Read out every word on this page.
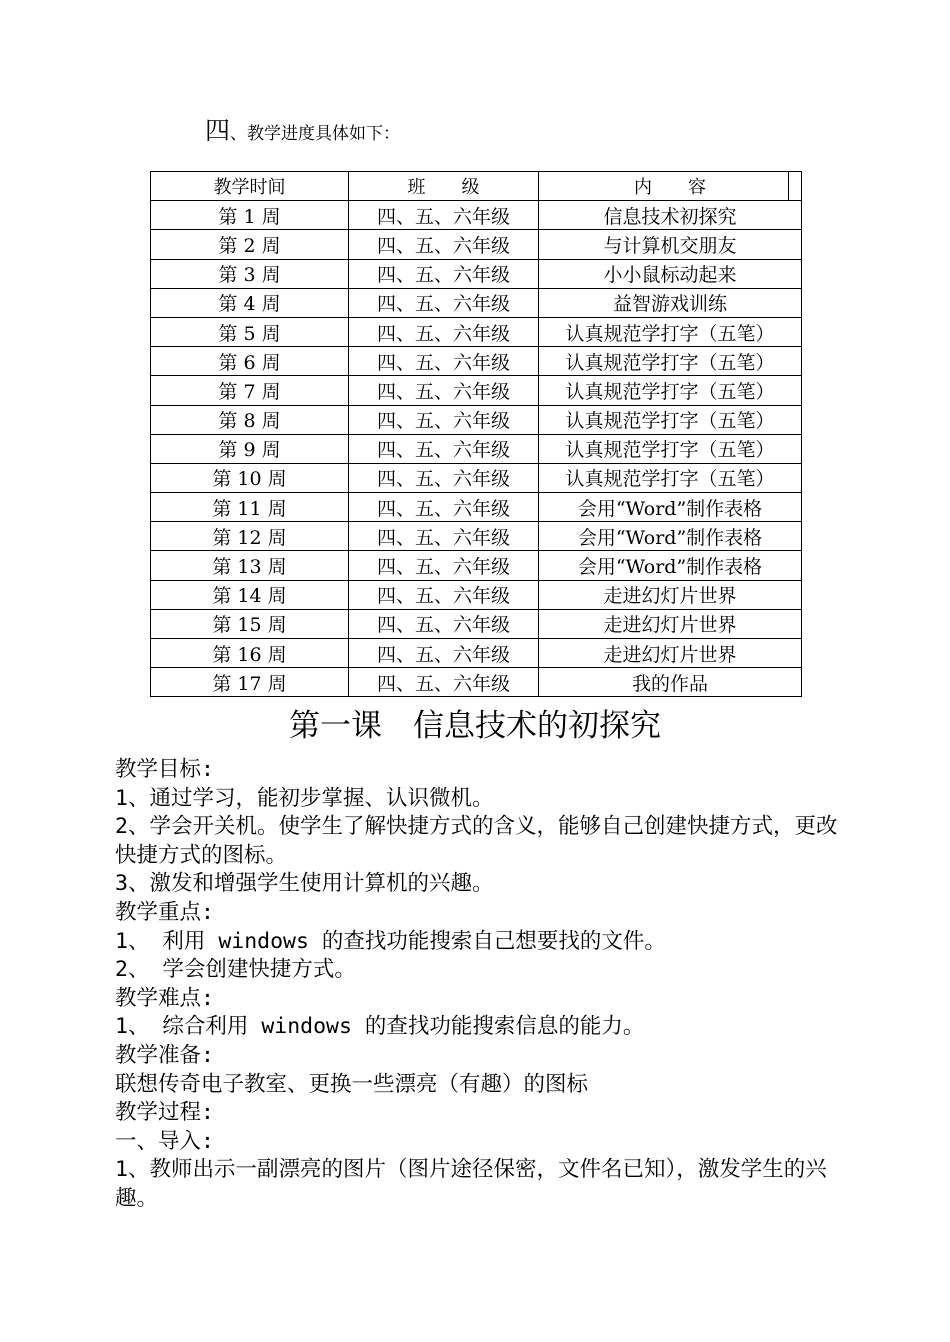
四、教学进度具体如下：
教学时间	班　　级	内　　容
第 1 周	四、五、六年级	信息技术初探究
第 2 周	四、五、六年级	与计算机交朋友
第 3 周	四、五、六年级	小小鼠标动起来
第 4 周	四、五、六年级	益智游戏训练
第 5 周	四、五、六年级	认真规范学打字（五笔）
第 6 周	四、五、六年级	认真规范学打字（五笔）
第 7 周	四、五、六年级	认真规范学打字（五笔）
第 8 周	四、五、六年级	认真规范学打字（五笔）
第 9 周	四、五、六年级	认真规范学打字（五笔）
第 10 周	四、五、六年级	认真规范学打字（五笔）
第 11 周	四、五、六年级	会用“Word”制作表格
第 12 周	四、五、六年级	会用“Word”制作表格
第 13 周	四、五、六年级	会用“Word”制作表格
第 14 周	四、五、六年级	走进幻灯片世界
第 15 周	四、五、六年级	走进幻灯片世界
第 16 周	四、五、六年级	走进幻灯片世界
第 17 周	四、五、六年级	我的作品
第一课　信息技术的初探究

教学目标:

1、通过学习，能初步掌握、认识微机。

2、学会开关机。使学生了解快捷方式的含义，能够自己创建快捷方式，更改快捷方式的图标。

3、激发和增强学生使用计算机的兴趣。

教学重点:

1、 利用 windows 的查找功能搜索自己想要找的文件。

2、 学会创建快捷方式。

教学难点:

1、 综合利用 windows 的查找功能搜索信息的能力。

教学准备:

联想传奇电子教室、更换一些漂亮（有趣）的图标

教学过程:

一、导入:

1、教师出示一副漂亮的图片（图片途径保密，文件名已知），激发学生的兴趣。
